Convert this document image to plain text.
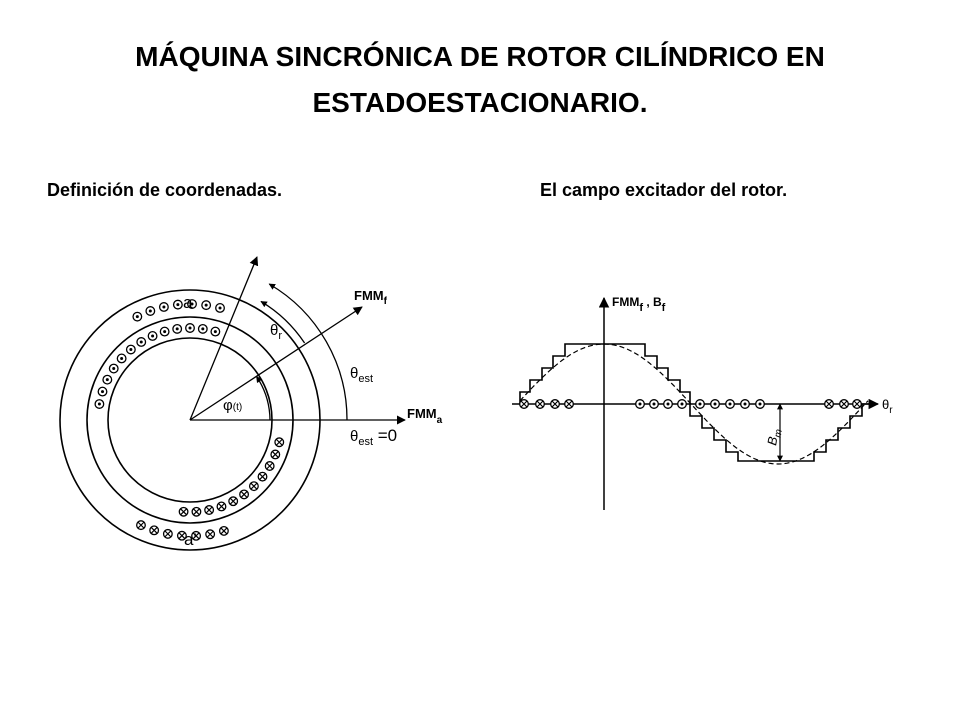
MÁQUINA SINCRÓNICA DE ROTOR CILÍNDRICO EN ESTADOESTACIONARIO.

Definición de coordenadas.	El campo excitador del rotor.

a
a'
$FMM_f$
$FMM_a$
$\theta_r$
$\theta_{est}$
$\theta_{est} =0$
φ(t)
FMMf , Bf
$\theta_r$
$B_m$
